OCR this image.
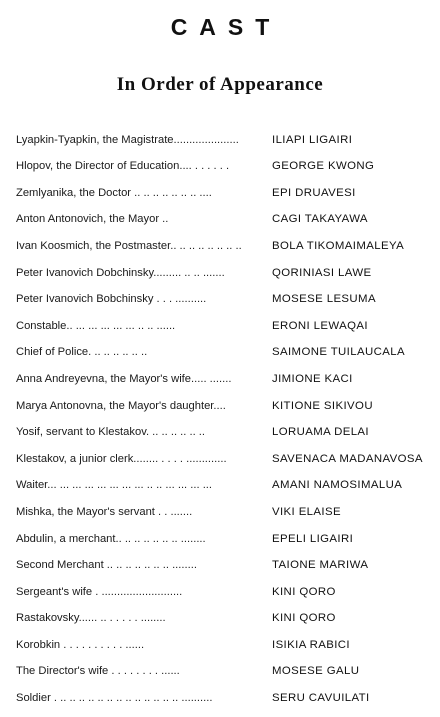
CAST
In Order of Appearance
Lyapkin-Tyapkin, the Magistrate.....................	ILIAPI LIGAIRI
Hlopov, the Director of Education.... . . . . . .	GEORGE KWONG
Zemlyanika, the Doctor .. .. .. .. .. .. .. ....	EPI DRUAVESI
Anton Antonovich, the Mayor ..	CAGI TAKAYAWA
Ivan Koosmich, the Postmaster.. .. .. .. .. .. .. ..	BOLA TIKOMAIMALEYA
Peter Ivanovich Dobchinsky......... .. .. .......	QORINIASI LAWE
Peter Ivanovich Bobchinsky . . . ..........	MOSESE LESUMA
Constable.. ... ... ... ... ... .. .. ......	ERONI LEWAQAI
Chief of Police. .. .. .. .. .. ..	SAIMONE TUILAUCALA
Anna Andreyevna, the Mayor's wife..... .......	JIMIONE KACI
Marya Antonovna, the Mayor's daughter....	KITIONE SIKIVOU
Yosif, servant to Klestakov. .. .. .. .. .. ..	LORUAMA DELAI
Klestakov, a junior clerk........ . . . . .............	SAVENACA MADANAVOSA
Waiter... ... ... ... ... ... ... ... .. .. ... ... ... ...	AMANI NAMOSIMALUA
Mishka, the Mayor's servant . . .......	VIKI ELAISE
Abdulin, a merchant.. .. .. .. .. .. .. ........	EPELI LIGAIRI
Second Merchant .. .. .. .. .. .. .. ........	TAIONE MARIWA
Sergeant's wife . ..........................	KINI QORO
Rastakovsky...... .. . . . . . ........	KINI QORO
Korobkin . . . . . . . . . . ......	ISIKIA RABICI
The Director's wife . . . . . . . . ......	MOSESE GALU
Soldier . .. .. .. .. .. .. .. .. .. .. .. .. .. ..........	SERU CAVUILATI
